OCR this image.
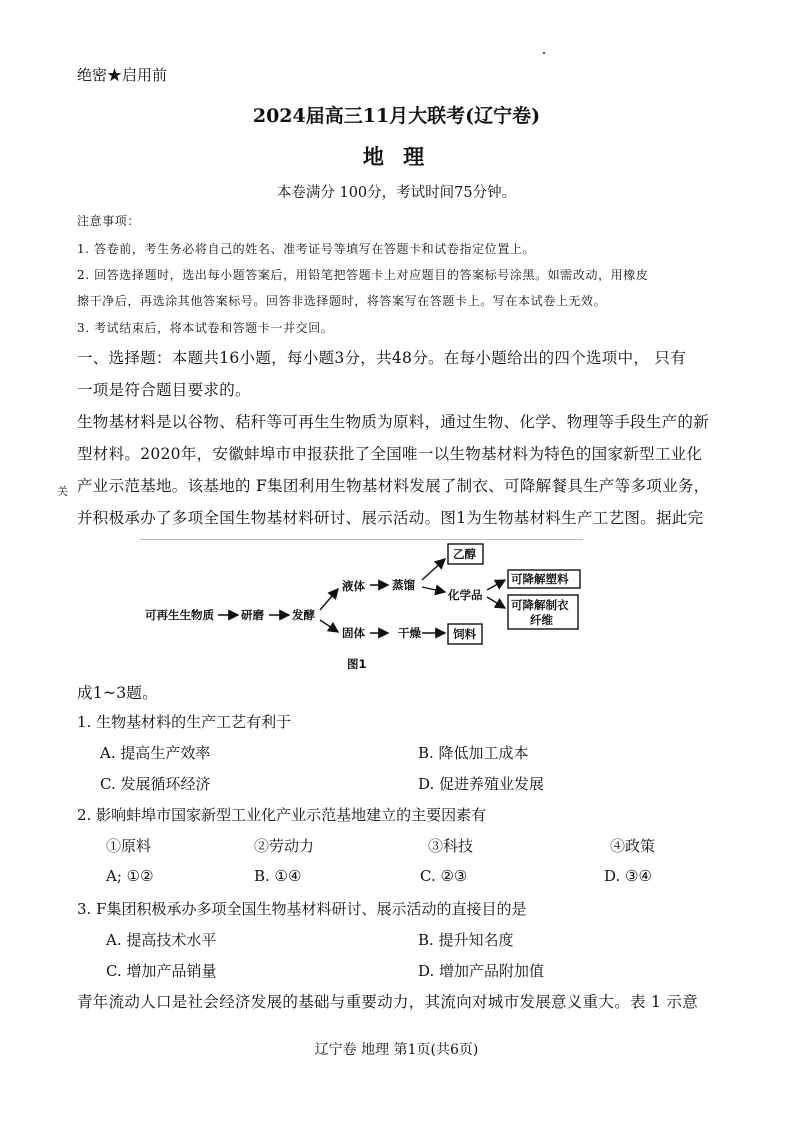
绝密★启用前
2024届高三11月大联考(辽宁卷)
地 理
本卷满分 100分，考试时间75分钟。
注意事项：
1. 答卷前，考生务必将自己的姓名、准考证号等填写在答题卡和试卷指定位置上。
2. 回答选择题时，选出每小题答案后，用铅笔把答题卡上对应题目的答案标号涂黑。如需改动，用橡皮
擦干净后，再选涂其他答案标号。回答非选择题时，将答案写在答题卡上。写在本试卷上无效。
3. 考试结束后，将本试卷和答题卡一并交回。
一、选择题：本题共16小题，每小题3分，共48分。在每小题给出的四个选项中， 只有
一项是符合题目要求的。
生物基材料是以谷物、秸秆等可再生生物质为原料，通过生物、化学、物理等手段生产的新
型材料。2020年，安徽蚌埠市申报获批了全国唯一以生物基材料为特色的国家新型工业化
产业示范基地。该基地的 F集团利用生物基材料发展了制衣、可降解餐具生产等多项业务，
并积极承办了多项全国生物基材料研讨、展示活动。图1为生物基材料生产工艺图。据此完
关
可再生生物质 研磨 发酵
液体 蒸馏
乙醇
化学品
可降解塑料
可降解制衣
纤维
固体	干燥	饲料
图1
成1~3题。
1. 生物基材料的生产工艺有利于
A. 提高生产效率	B. 降低加工成本
C. 发展循环经济	D. 促进养殖业发展
2. 影响蚌埠市国家新型工业化产业示范基地建立的主要因素有
①原料	②劳动力	③科技	④政策
A; ①②	B. ①④	C. ②③	D. ③④
3. F集团积极承办多项全国生物基材料研讨、展示活动的直接目的是
A. 提高技术水平	B. 提升知名度
C. 增加产品销量	D. 增加产品附加值
青年流动人口是社会经济发展的基础与重要动力，其流向对城市发展意义重大。表 1 示意
辽宁卷 地理 第1页(共6页)
